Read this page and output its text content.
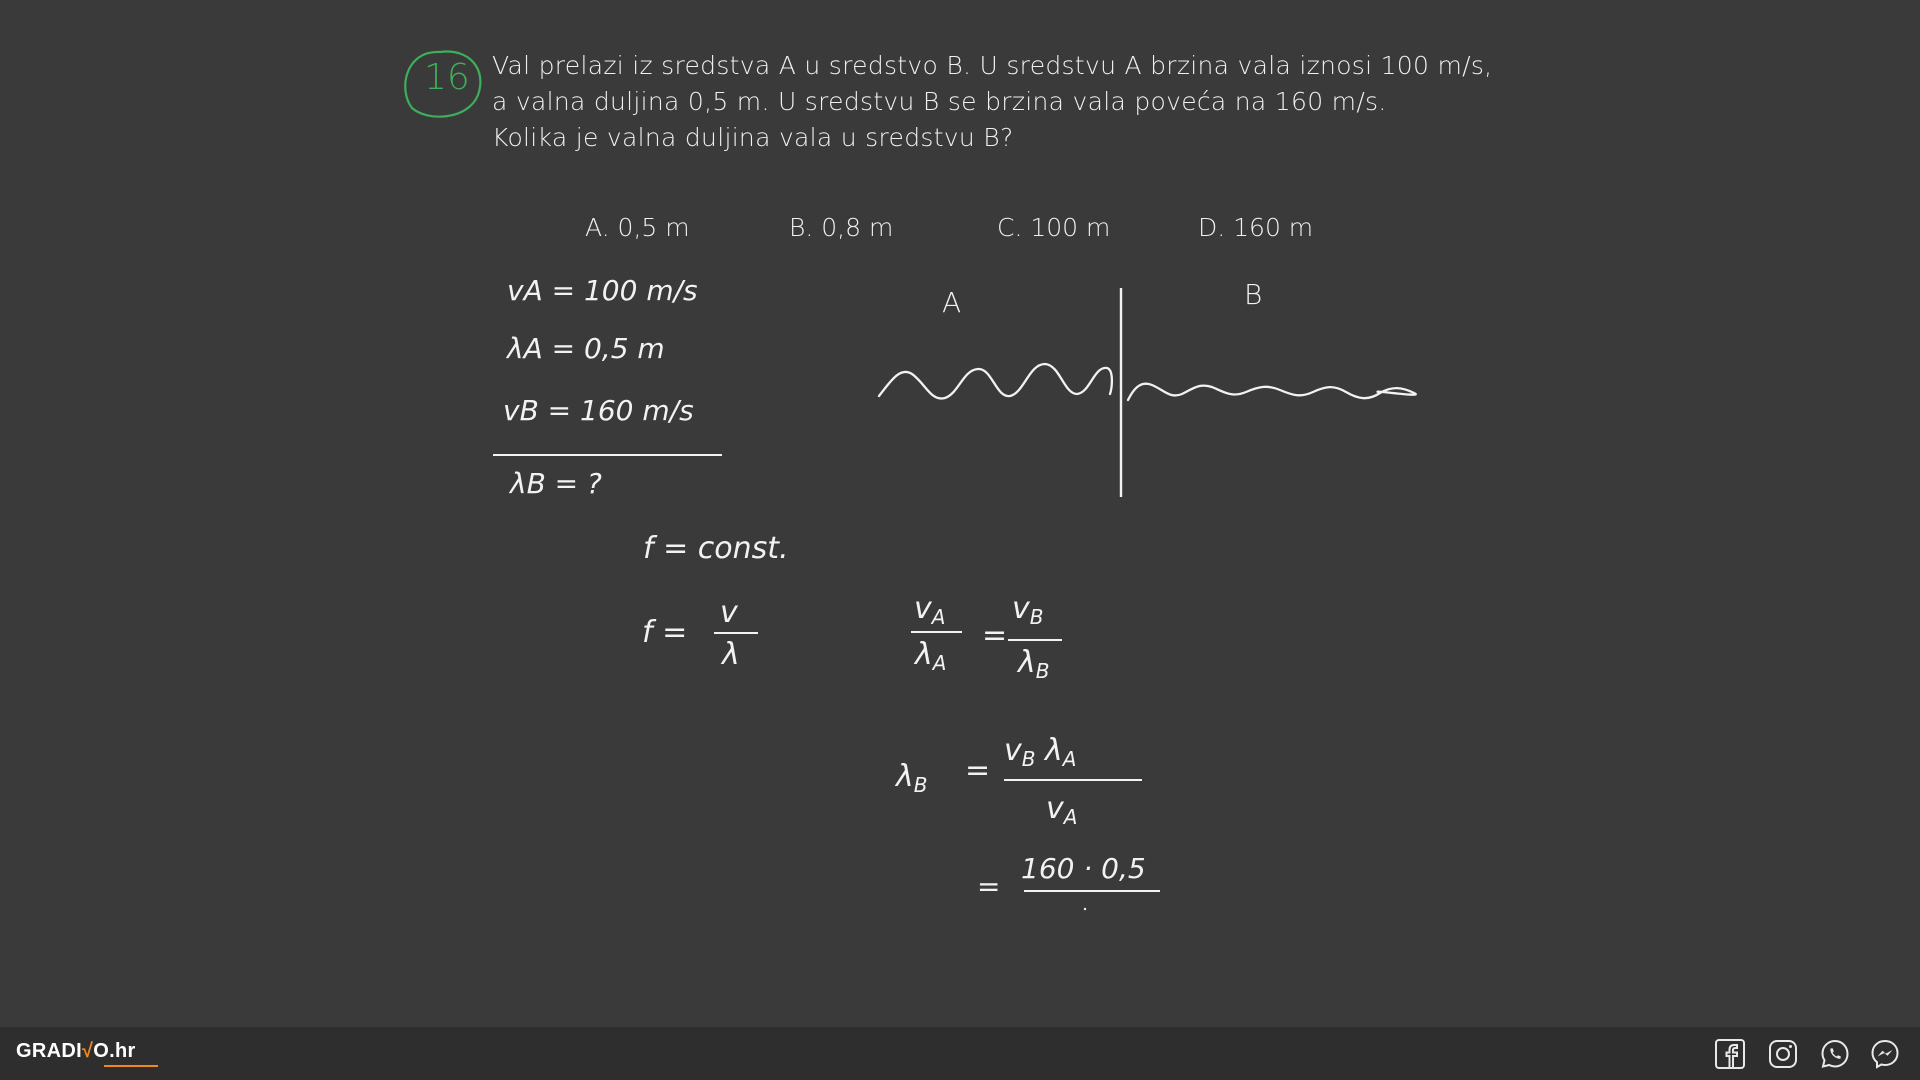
Val prelazi iz sredstva A u sredstvo B. U sredstvu A brzina vala iznosi 100 m/s,
a valna duljina 0,5 m. U sredstvu B se brzina vala poveća na 160 m/s.
Kolika je valna duljina vala u sredstvu B?
A. 0,5 m	B. 0,8 m	C. 100 m	D. 160 m
16
vA = 100 m/s
λA = 0,5 m
vB = 160 m/s
λB = ?
A	B
f = const.
f =
v
λ
$v_A$
$\lambda_A$
=
$v_B$
$\lambda_B$
$\lambda_B$ =
$v_B$ $\lambda_A$
$v_A$
=
160 · 0,5
GRADI√O.hr
